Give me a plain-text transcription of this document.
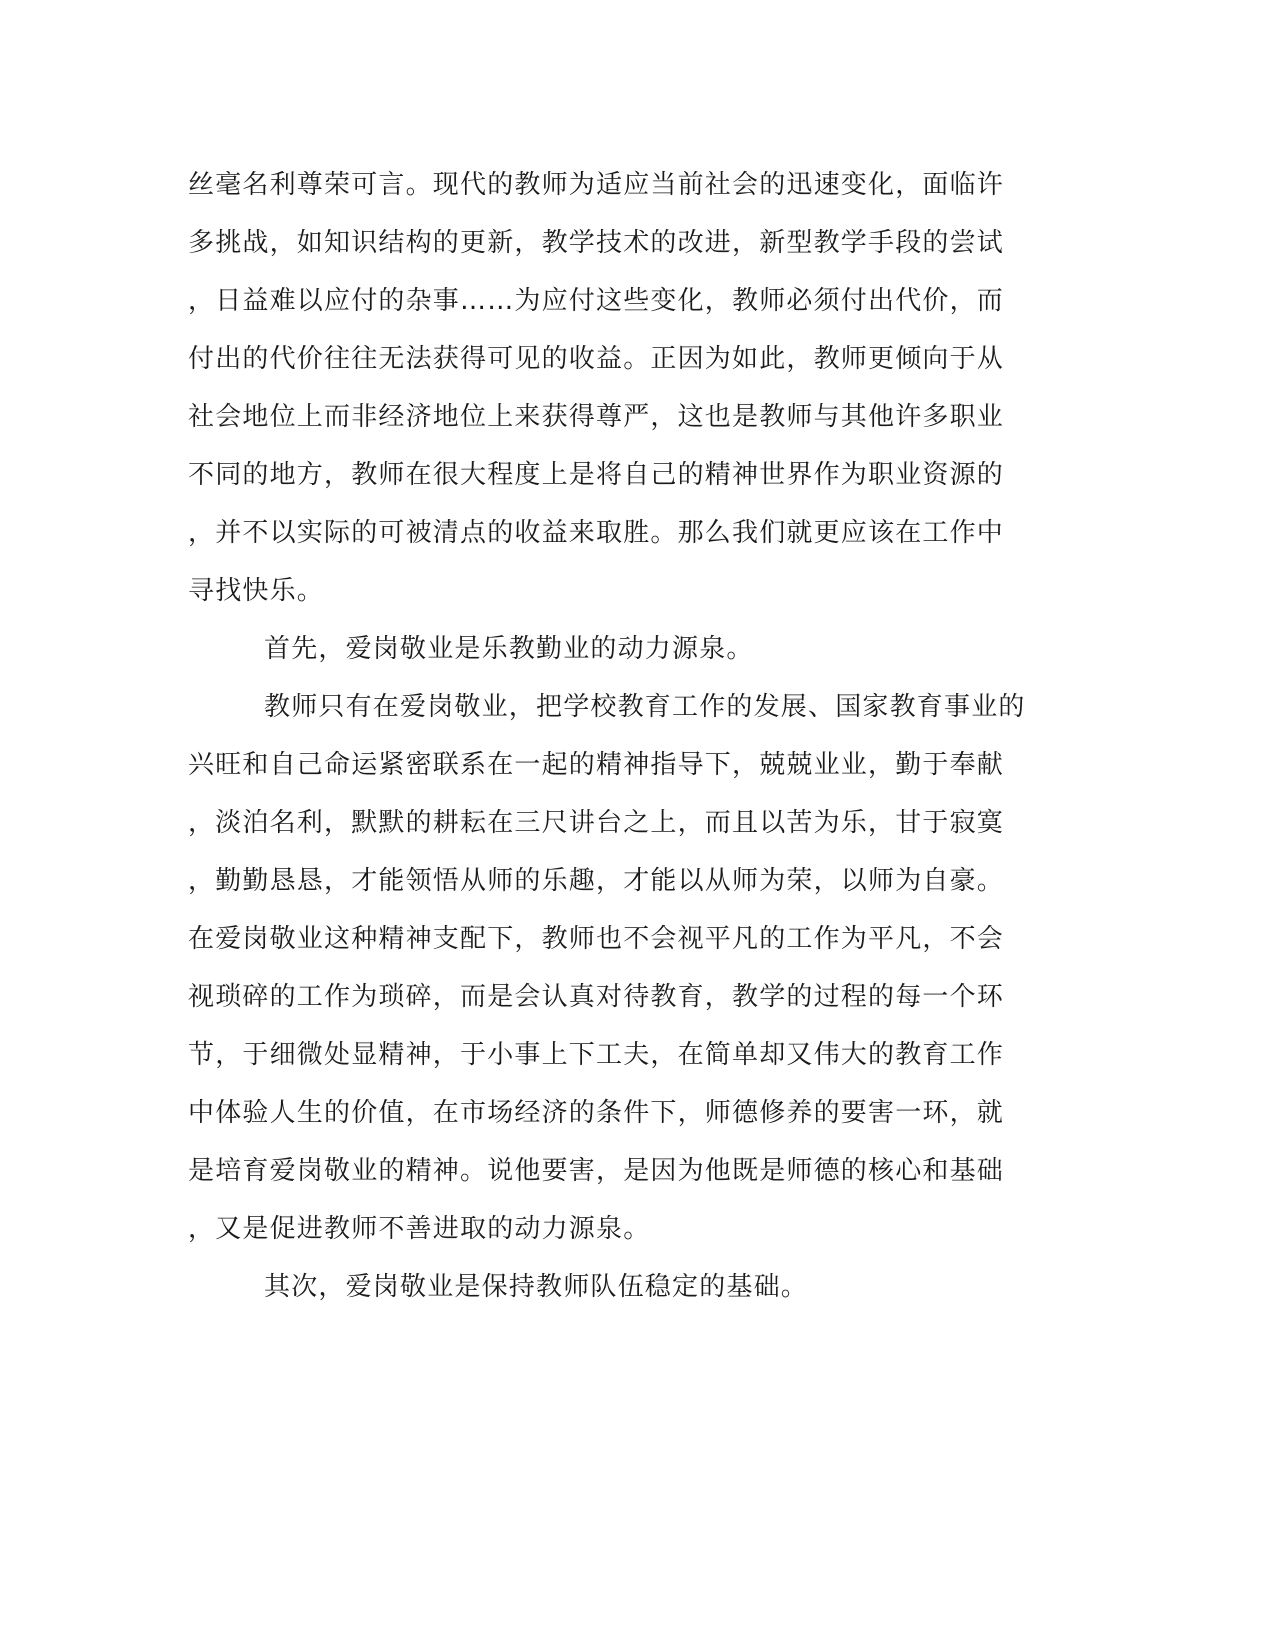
丝毫名利尊荣可言。现代的教师为适应当前社会的迅速变化，面临许
多挑战，如知识结构的更新，教学技术的改进，新型教学手段的尝试
，日益难以应付的杂事……为应付这些变化，教师必须付出代价，而
付出的代价往往无法获得可见的收益。正因为如此，教师更倾向于从
社会地位上而非经济地位上来获得尊严，这也是教师与其他许多职业
不同的地方，教师在很大程度上是将自己的精神世界作为职业资源的
，并不以实际的可被清点的收益来取胜。那么我们就更应该在工作中
寻找快乐。
首先，爱岗敬业是乐教勤业的动力源泉。
教师只有在爱岗敬业，把学校教育工作的发展、国家教育事业的
兴旺和自己命运紧密联系在一起的精神指导下，兢兢业业，勤于奉献
，淡泊名利，默默的耕耘在三尺讲台之上，而且以苦为乐，甘于寂寞
，勤勤恳恳，才能领悟从师的乐趣，才能以从师为荣，以师为自豪。
在爱岗敬业这种精神支配下，教师也不会视平凡的工作为平凡，不会
视琐碎的工作为琐碎，而是会认真对待教育，教学的过程的每一个环
节，于细微处显精神，于小事上下工夫，在简单却又伟大的教育工作
中体验人生的价值，在市场经济的条件下，师德修养的要害一环，就
是培育爱岗敬业的精神。说他要害，是因为他既是师德的核心和基础
，又是促进教师不善进取的动力源泉。
其次，爱岗敬业是保持教师队伍稳定的基础。
